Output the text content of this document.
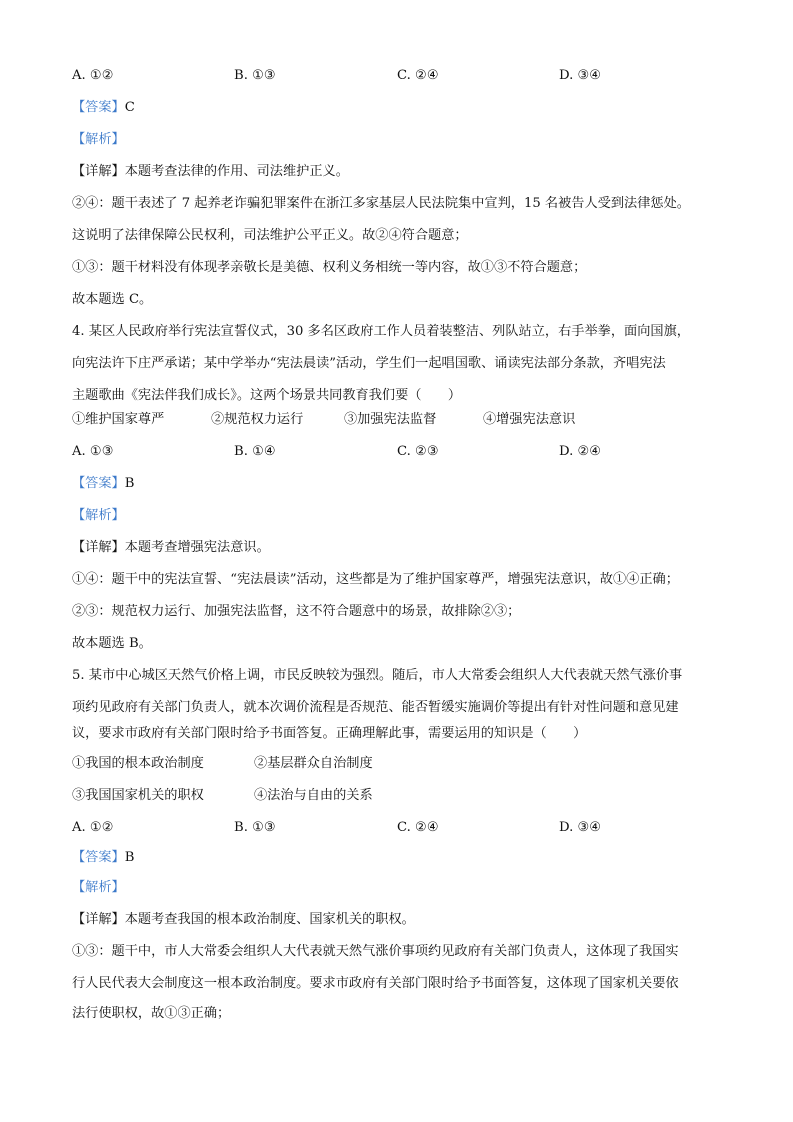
A. ①②	B. ①③	C. ②④	D. ③④
【答案】C
【解析】
【详解】本题考查法律的作用、司法维护正义。
②④：题干表述了 7 起养老诈骗犯罪案件在浙江多家基层人民法院集中宣判，15 名被告人受到法律惩处。
这说明了法律保障公民权利，司法维护公平正义。故②④符合题意；
①③：题干材料没有体现孝亲敬长是美德、权利义务相统一等内容，故①③不符合题意；
故本题选 C。
4. 某区人民政府举行宪法宣誓仪式，30 多名区政府工作人员着装整洁、列队站立，右手举拳，面向国旗，
向宪法许下庄严承诺；某中学举办“宪法晨读”活动，学生们一起唱国歌、诵读宪法部分条款，齐唱宪法
主题歌曲《宪法伴我们成长》。这两个场景共同教育我们要（　　）
①维护国家尊严	②规范权力运行	③加强宪法监督	④增强宪法意识
A. ①③	B. ①④	C. ②③	D. ②④
【答案】B
【解析】
【详解】本题考查增强宪法意识。
①④：题干中的宪法宣誓、“宪法晨读”活动，这些都是为了维护国家尊严，增强宪法意识，故①④正确；
②③：规范权力运行、加强宪法监督，这不符合题意中的场景，故排除②③；
故本题选 B。
5. 某市中心城区天然气价格上调，市民反映较为强烈。随后，市人大常委会组织人大代表就天然气涨价事
项约见政府有关部门负责人，就本次调价流程是否规范、能否暂缓实施调价等提出有针对性问题和意见建
议，要求市政府有关部门限时给予书面答复。正确理解此事，需要运用的知识是（　　）
①我国的根本政治制度	②基层群众自治制度
③我国国家机关的职权	④法治与自由的关系
A. ①②	B. ①③	C. ②④	D. ③④
【答案】B
【解析】
【详解】本题考查我国的根本政治制度、国家机关的职权。
①③：题干中，市人大常委会组织人大代表就天然气涨价事项约见政府有关部门负责人，这体现了我国实
行人民代表大会制度这一根本政治制度。要求市政府有关部门限时给予书面答复，这体现了国家机关要依
法行使职权，故①③正确；
